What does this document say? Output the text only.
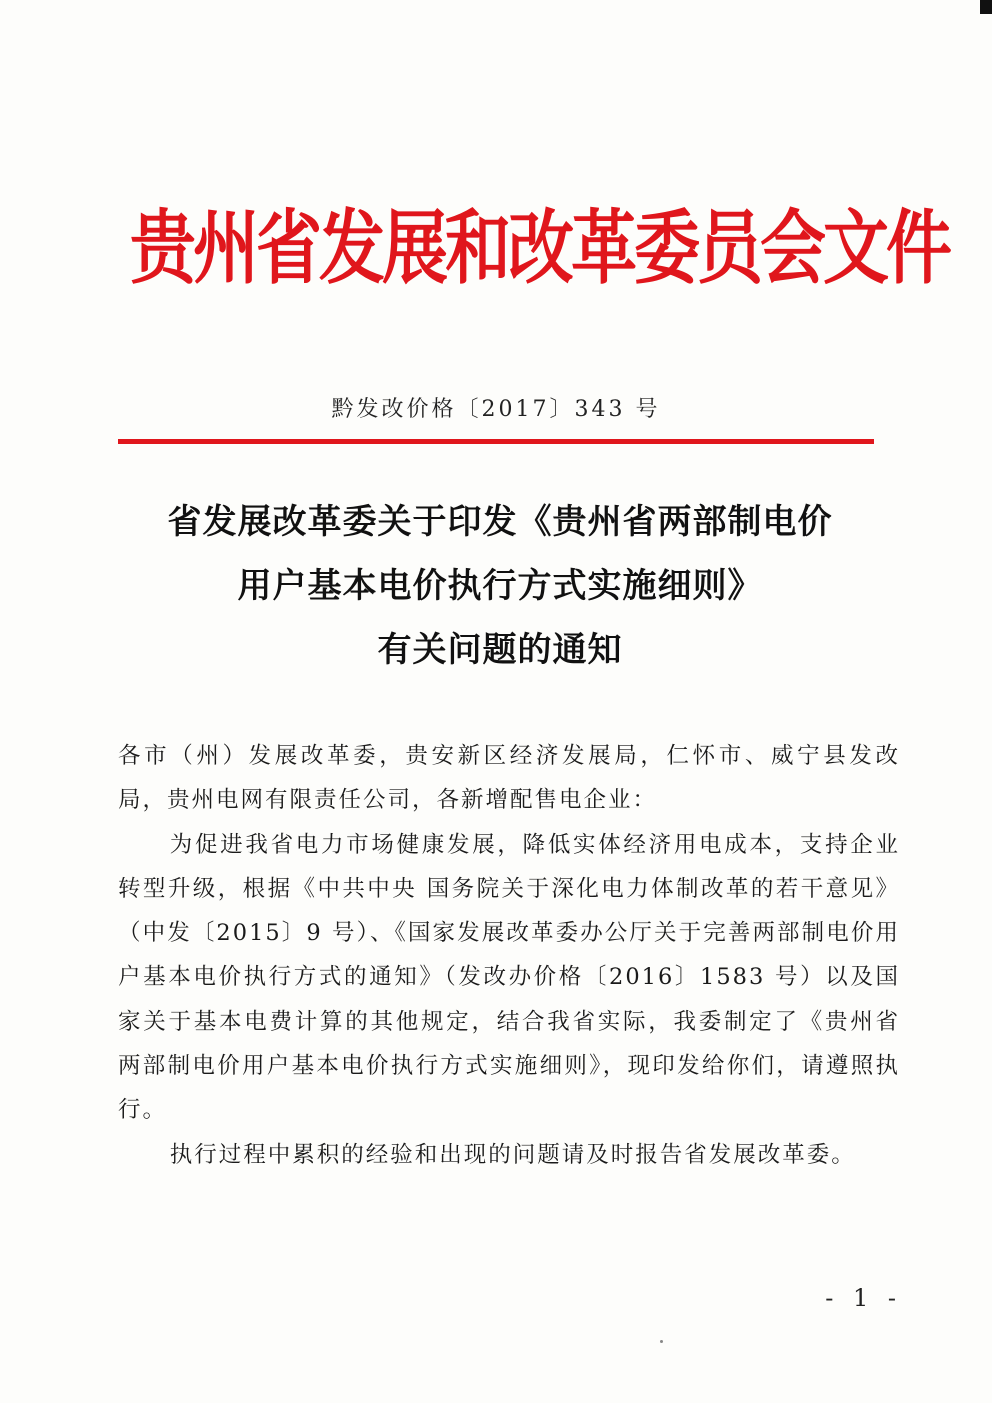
贵州省发展和改革委员会文件
黔发改价格〔2017〕343 号
省发展改革委关于印发《贵州省两部制电价
用户基本电价执行方式实施细则》
有关问题的通知

各市（州）发展改革委，贵安新区经济发展局，仁怀市、威宁县发改局，贵州电网有限责任公司，各新增配售电企业：

为促进我省电力市场健康发展，降低实体经济用电成本，支持企业转型升级，根据《中共中央 国务院关于深化电力体制改革的若干意见》（中发〔2015〕9 号）、《国家发展改革委办公厅关于完善两部制电价用户基本电价执行方式的通知》（发改办价格〔2016〕1583 号）以及国家关于基本电费计算的其他规定，结合我省实际，我委制定了《贵州省两部制电价用户基本电价执行方式实施细则》，现印发给你们，请遵照执行。

执行过程中累积的经验和出现的问题请及时报告省发展改革委。

- 1 -
